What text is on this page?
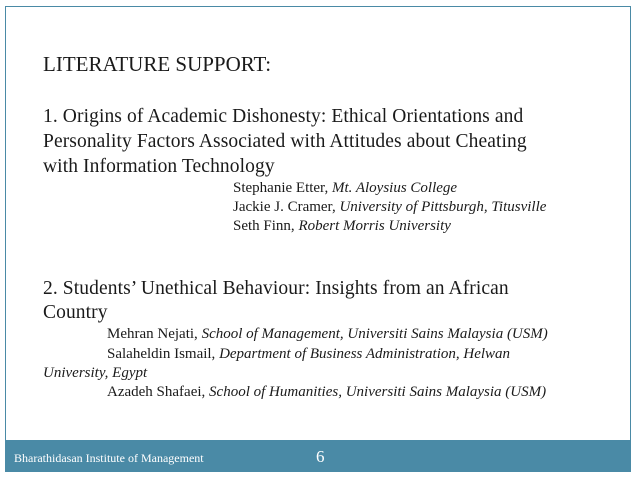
LITERATURE SUPPORT:
1. Origins of Academic Dishonesty: Ethical Orientations and
Personality Factors Associated with Attitudes about Cheating
with Information Technology
Stephanie Etter, Mt. Aloysius College
Jackie J. Cramer, University of Pittsburgh, Titusville
Seth Finn, Robert Morris University
2. Students’ Unethical Behaviour: Insights from an African
Country
Mehran Nejati, School of Management, Universiti Sains Malaysia (USM)
Salaheldin Ismail, Department of Business Administration, Helwan
University, Egypt
Azadeh Shafaei, School of Humanities, Universiti Sains Malaysia (USM)
Bharathidasan Institute of Management	6
